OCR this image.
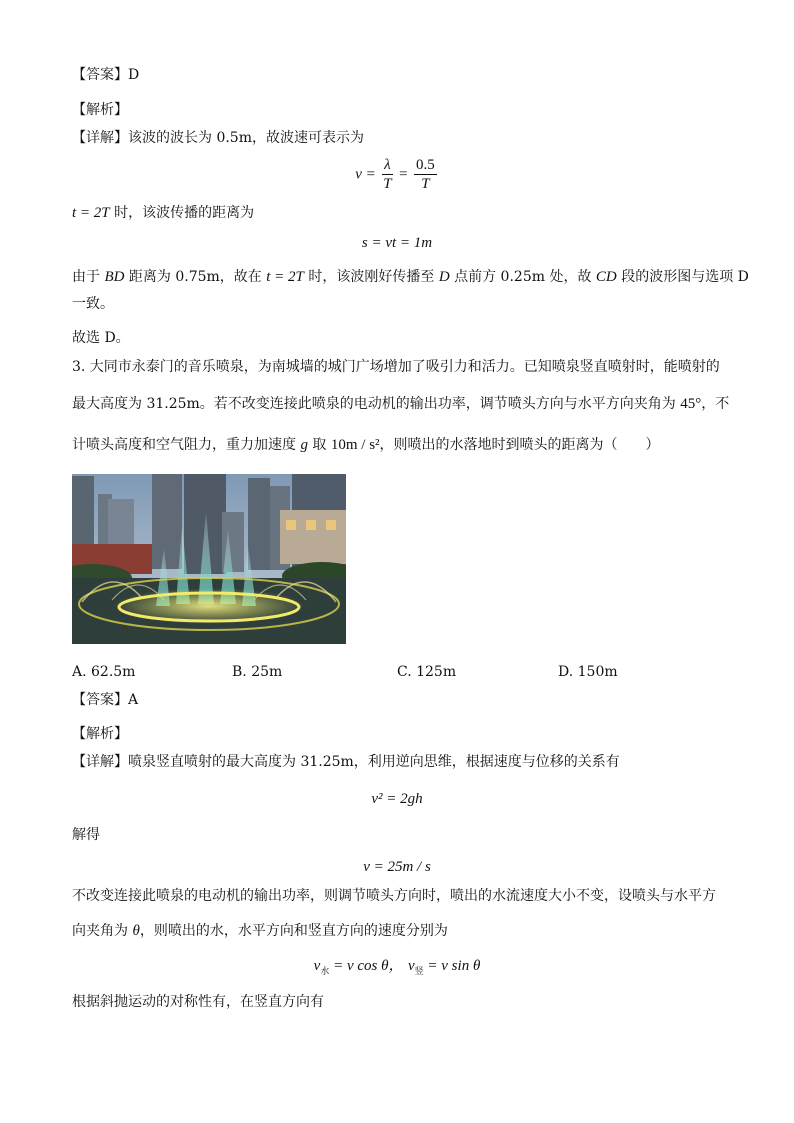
【答案】D
【解析】
【详解】该波的波长为 0.5m，故波速可表示为
$v = \frac{\lambda}{T} = \frac{0.5}{T}$
t = 2T 时，该波传播的距离为
s = vt = 1m
由于 BD 距离为 0.75m，故在 t = 2T 时，该波刚好传播至 D 点前方 0.25m 处，故 CD 段的波形图与选项 D
一致。
故选 D。
3. 大同市永泰门的音乐喷泉，为南城墙的城门广场增加了吸引力和活力。已知喷泉竖直喷射时，能喷射的
最大高度为 31.25m。若不改变连接此喷泉的电动机的输出功率，调节喷头方向与水平方向夹角为 45°，不
计喷头高度和空气阻力，重力加速度 g 取 10m / s²，则喷出的水落地时到喷头的距离为（　　）
A. 62.5m	B. 25m	C. 125m	D. 150m
【答案】A
【解析】
【详解】喷泉竖直喷射的最大高度为 31.25m，利用逆向思维，根据速度与位移的关系有
v² = 2gh
解得
v = 25m / s
不改变连接此喷泉的电动机的输出功率，则调节喷头方向时，喷出的水流速度大小不变，设喷头与水平方
向夹角为 θ，则喷出的水，水平方向和竖直方向的速度分别为
$v_水 = v$ cos θ， $v_竖 = v$ sin θ
根据斜抛运动的对称性有，在竖直方向有
